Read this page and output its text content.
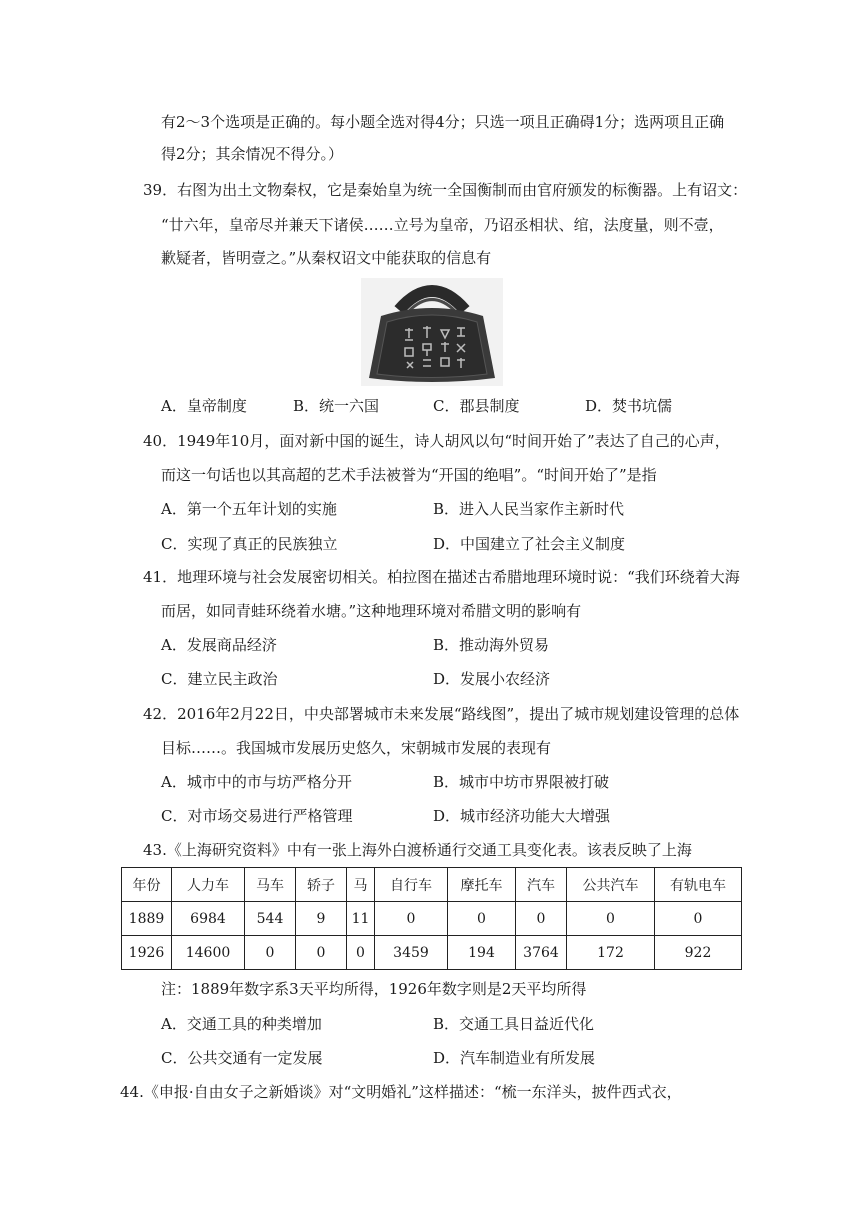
有2～3个选项是正确的。每小题全选对得4分；只选一项且正确碍1分；选两项且正确
得2分；其余情况不得分。）
39．右图为出土文物秦权，它是秦始皇为统一全国衡制而由官府颁发的标衡器。上有诏文：
“廿六年，皇帝尽并兼天下诸侯……立号为皇帝，乃诏丞相状、绾，法度量，则不壹，
歉疑者，皆明壹之。”从秦权诏文中能获取的信息有
A．皇帝制度	B．统一六国	C．郡县制度	D．焚书坑儒
40．1949年10月，面对新中国的诞生，诗人胡风以句“时间开始了”表达了自己的心声，
而这一句话也以其高超的艺术手法被誉为“开国的绝唱”。“时间开始了”是指
A．第一个五年计划的实施	B．进入人民当家作主新时代
C．实现了真正的民族独立	D．中国建立了社会主义制度
41．地理环境与社会发展密切相关。柏拉图在描述古希腊地理环境时说：“我们环绕着大海
而居，如同青蛙环绕着水塘。”这种地理环境对希腊文明的影响有
A．发展商品经济	B．推动海外贸易
C．建立民主政治	D．发展小农经济
42．2016年2月22日，中央部署城市未来发展“路线图”，提出了城市规划建设管理的总体
目标……。我国城市发展历史悠久，宋朝城市发展的表现有
A．城市中的市与坊严格分开	B．城市中坊市界限被打破
C．对市场交易进行严格管理	D．城市经济功能大大增强
43.《上海研究资料》中有一张上海外白渡桥通行交通工具变化表。该表反映了上海
年份	人力车	马车	轿子	马	自行车	摩托车	汽车	公共汽车	有轨电车
1889	6984	544	9	11	0	0	0	0	0
1926	14600	0	0	0	3459	194	3764	172	922
注：1889年数字系3天平均所得，1926年数字则是2天平均所得
A．交通工具的种类增加	B．交通工具日益近代化
C．公共交通有一定发展	D．汽车制造业有所发展
44.《申报·自由女子之新婚谈》对“文明婚礼”这样描述：“梳一东洋头，披件西式衣，
